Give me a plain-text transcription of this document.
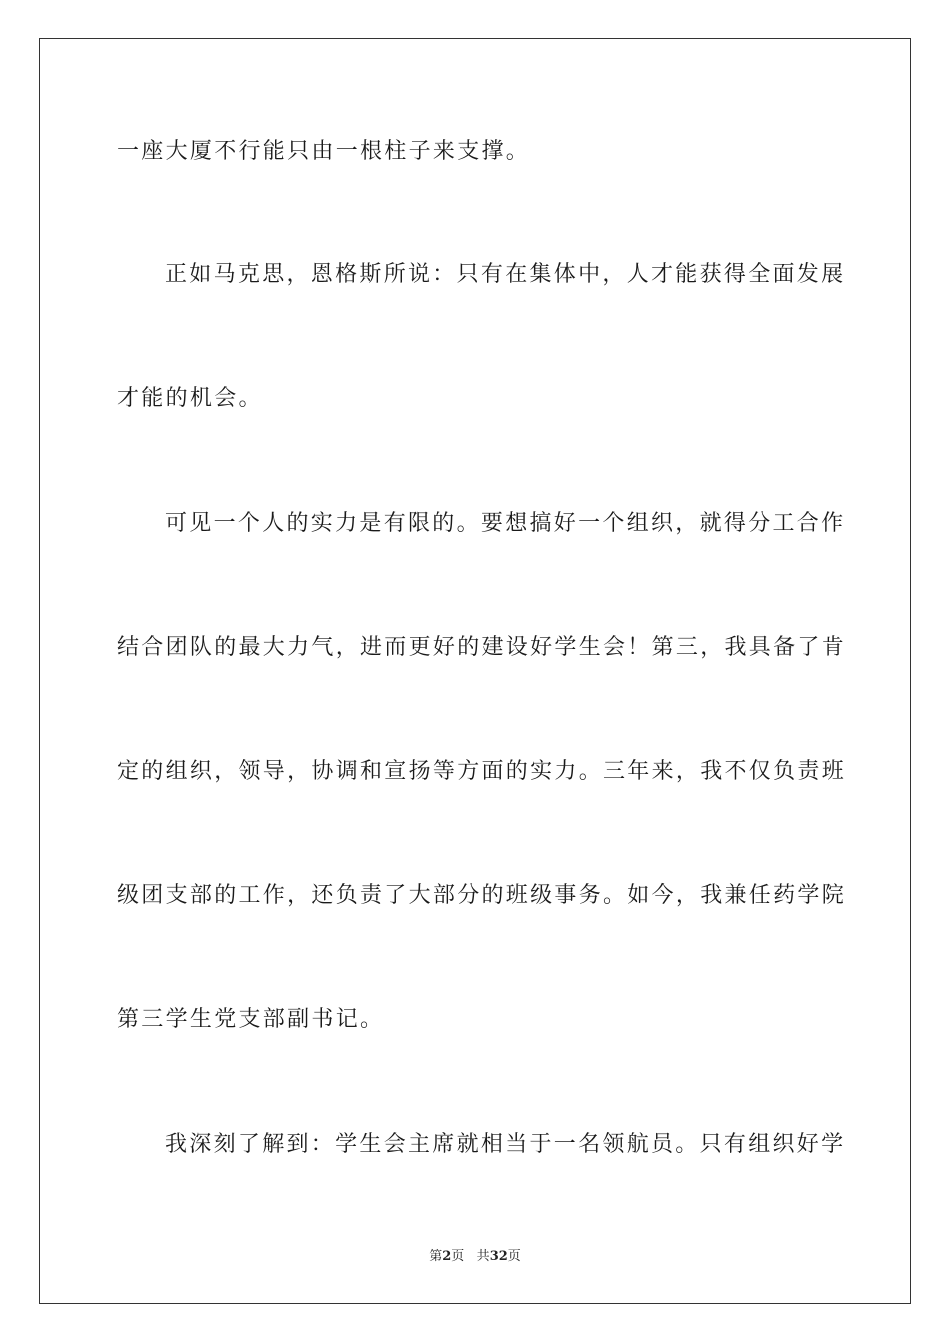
一座大厦不行能只由一根柱子来支撑。
正如马克思，恩格斯所说：只有在集体中，人才能获得全面发展
才能的机会。
可见一个人的实力是有限的。要想搞好一个组织，就得分工合作
结合团队的最大力气，进而更好的建设好学生会！第三，我具备了肯
定的组织，领导，协调和宣扬等方面的实力。三年来，我不仅负责班
级团支部的工作，还负责了大部分的班级事务。如今，我兼任药学院
第三学生党支部副书记。
我深刻了解到：学生会主席就相当于一名领航员。只有组织好学
第2页 共32页
